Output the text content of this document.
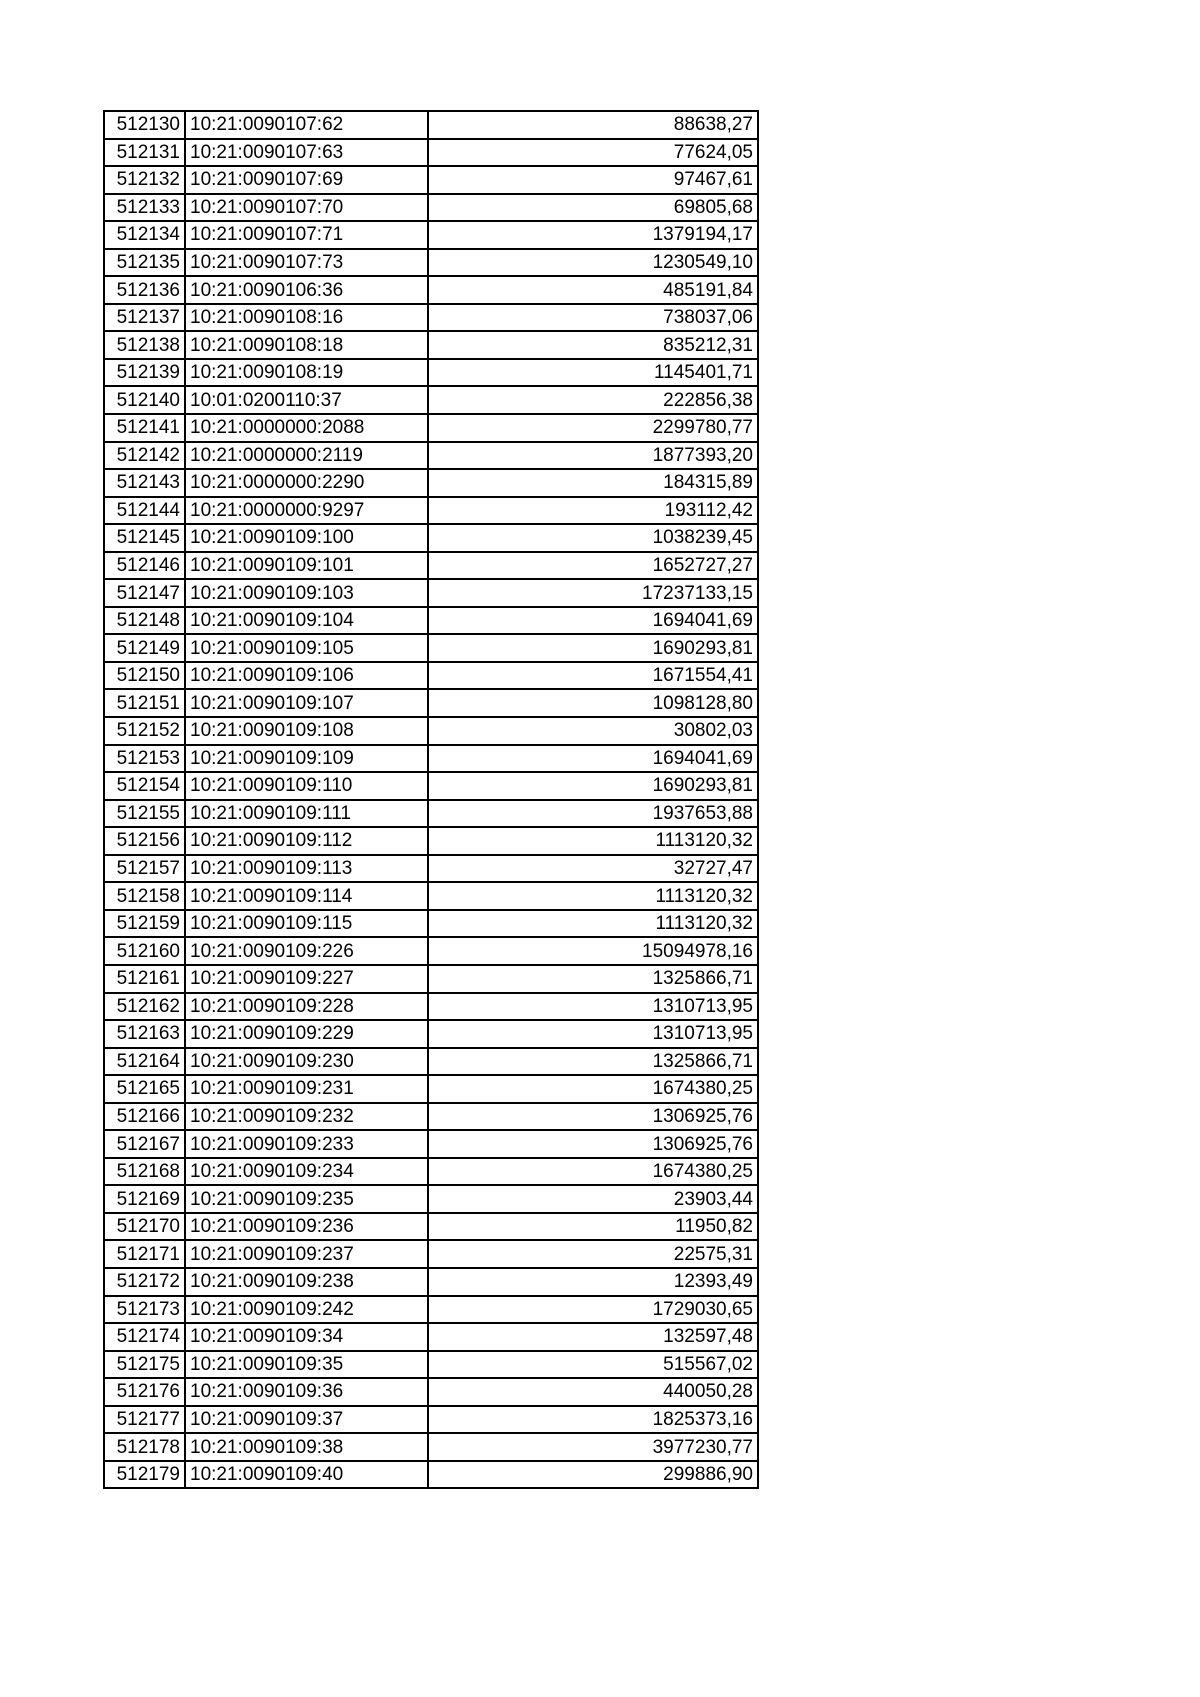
512130	10:21:0090107:62	88638,27
512131	10:21:0090107:63	77624,05
512132	10:21:0090107:69	97467,61
512133	10:21:0090107:70	69805,68
512134	10:21:0090107:71	1379194,17
512135	10:21:0090107:73	1230549,10
512136	10:21:0090106:36	485191,84
512137	10:21:0090108:16	738037,06
512138	10:21:0090108:18	835212,31
512139	10:21:0090108:19	1145401,71
512140	10:01:0200110:37	222856,38
512141	10:21:0000000:2088	2299780,77
512142	10:21:0000000:2119	1877393,20
512143	10:21:0000000:2290	184315,89
512144	10:21:0000000:9297	193112,42
512145	10:21:0090109:100	1038239,45
512146	10:21:0090109:101	1652727,27
512147	10:21:0090109:103	17237133,15
512148	10:21:0090109:104	1694041,69
512149	10:21:0090109:105	1690293,81
512150	10:21:0090109:106	1671554,41
512151	10:21:0090109:107	1098128,80
512152	10:21:0090109:108	30802,03
512153	10:21:0090109:109	1694041,69
512154	10:21:0090109:110	1690293,81
512155	10:21:0090109:111	1937653,88
512156	10:21:0090109:112	1113120,32
512157	10:21:0090109:113	32727,47
512158	10:21:0090109:114	1113120,32
512159	10:21:0090109:115	1113120,32
512160	10:21:0090109:226	15094978,16
512161	10:21:0090109:227	1325866,71
512162	10:21:0090109:228	1310713,95
512163	10:21:0090109:229	1310713,95
512164	10:21:0090109:230	1325866,71
512165	10:21:0090109:231	1674380,25
512166	10:21:0090109:232	1306925,76
512167	10:21:0090109:233	1306925,76
512168	10:21:0090109:234	1674380,25
512169	10:21:0090109:235	23903,44
512170	10:21:0090109:236	11950,82
512171	10:21:0090109:237	22575,31
512172	10:21:0090109:238	12393,49
512173	10:21:0090109:242	1729030,65
512174	10:21:0090109:34	132597,48
512175	10:21:0090109:35	515567,02
512176	10:21:0090109:36	440050,28
512177	10:21:0090109:37	1825373,16
512178	10:21:0090109:38	3977230,77
512179	10:21:0090109:40	299886,90
